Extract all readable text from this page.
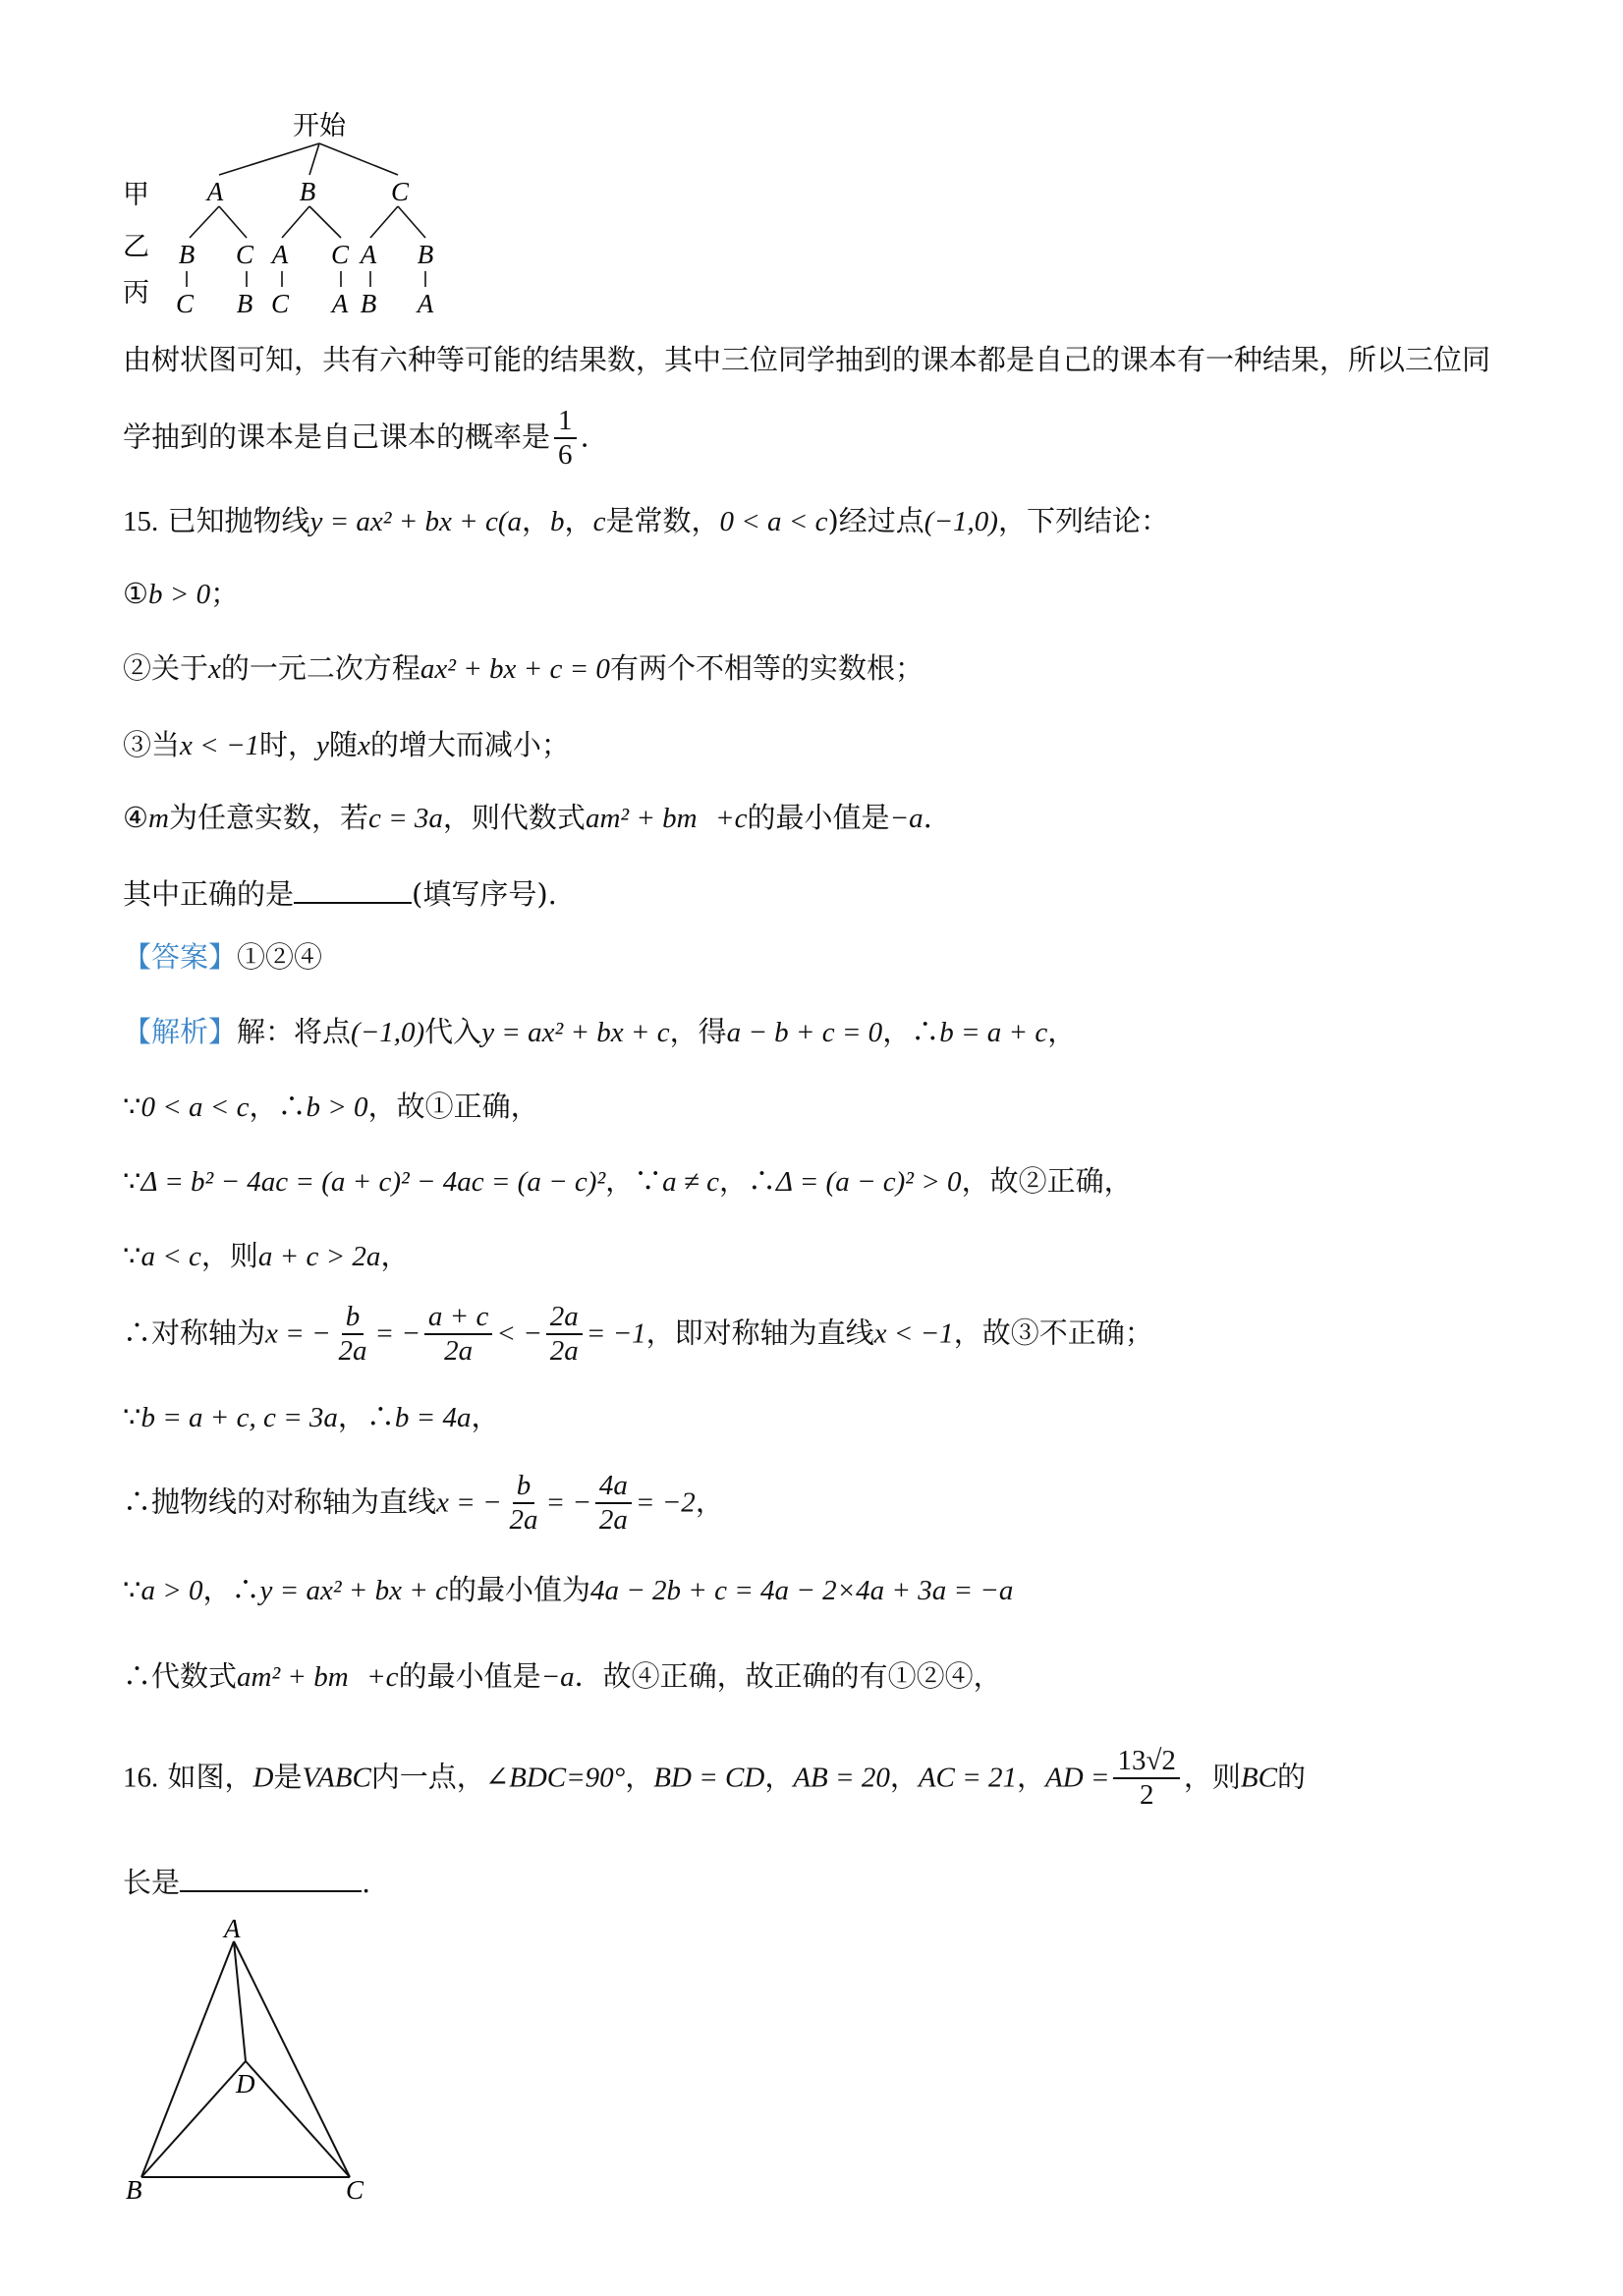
开始
甲
乙
丙
A	B	C
B C A C A B
C B C A B A
由树状图可知，共有六种等可能的结果数，其中三位同学抽到的课本都是自己的课本有一种结果，所以三位同
学抽到的课本是自己课本的概率是 $\frac{1}{6}$ .
15. 已知抛物线y = ax² + bx + c(a，b，c是常数，0 < a < c)经过点(−1,0)，下列结论：
①b > 0；
②关于x的一元二次方程ax² + bx + c = 0有两个不相等的实数根；
③当x < −1时，y随x的增大而减小；
④m为任意实数，若c = 3a，则代数式am² + bm +c的最小值是−a.
其中正确的是	(填写序号).
【答案】①②④
【解析】解：将点(−1,0)代入y = ax² + bx + c，得a − b + c = 0，∴b = a + c，
∵0 < a < c，∴b > 0，故①正确，
∵Δ = b² − 4ac = (a + c)² − 4ac = (a − c)²，∵a ≠ c，∴Δ = (a − c)² > 0，故②正确，
∵a < c，则a + c > 2a，
∴对称轴为x = − $\frac{b}{2a}$ = − $\frac{a + c}{2a}$ < − $\frac{2a}{2a} = -1$，即对称轴为直线x < −1，故③不正确；
∵b = a + c, c = 3a，∴b = 4a，
∴抛物线的对称轴为直线x = − $\frac{b}{2a}$ = − $\frac{4a}{2a} = -2$，
∵a > 0，∴y = ax² + bx + c的最小值为4a − 2b + c = 4a − 2×4a + 3a = −a
∴代数式am² + bm +c的最小值是−a．故④正确，故正确的有①②④，
16. 如图，D是VABC内一点，∠BDC=90°，BD = CD，AB = 20，AC = 21，AD = $\frac{13√2}{2}$ ，则BC的
长是	.
A
B	C
D
